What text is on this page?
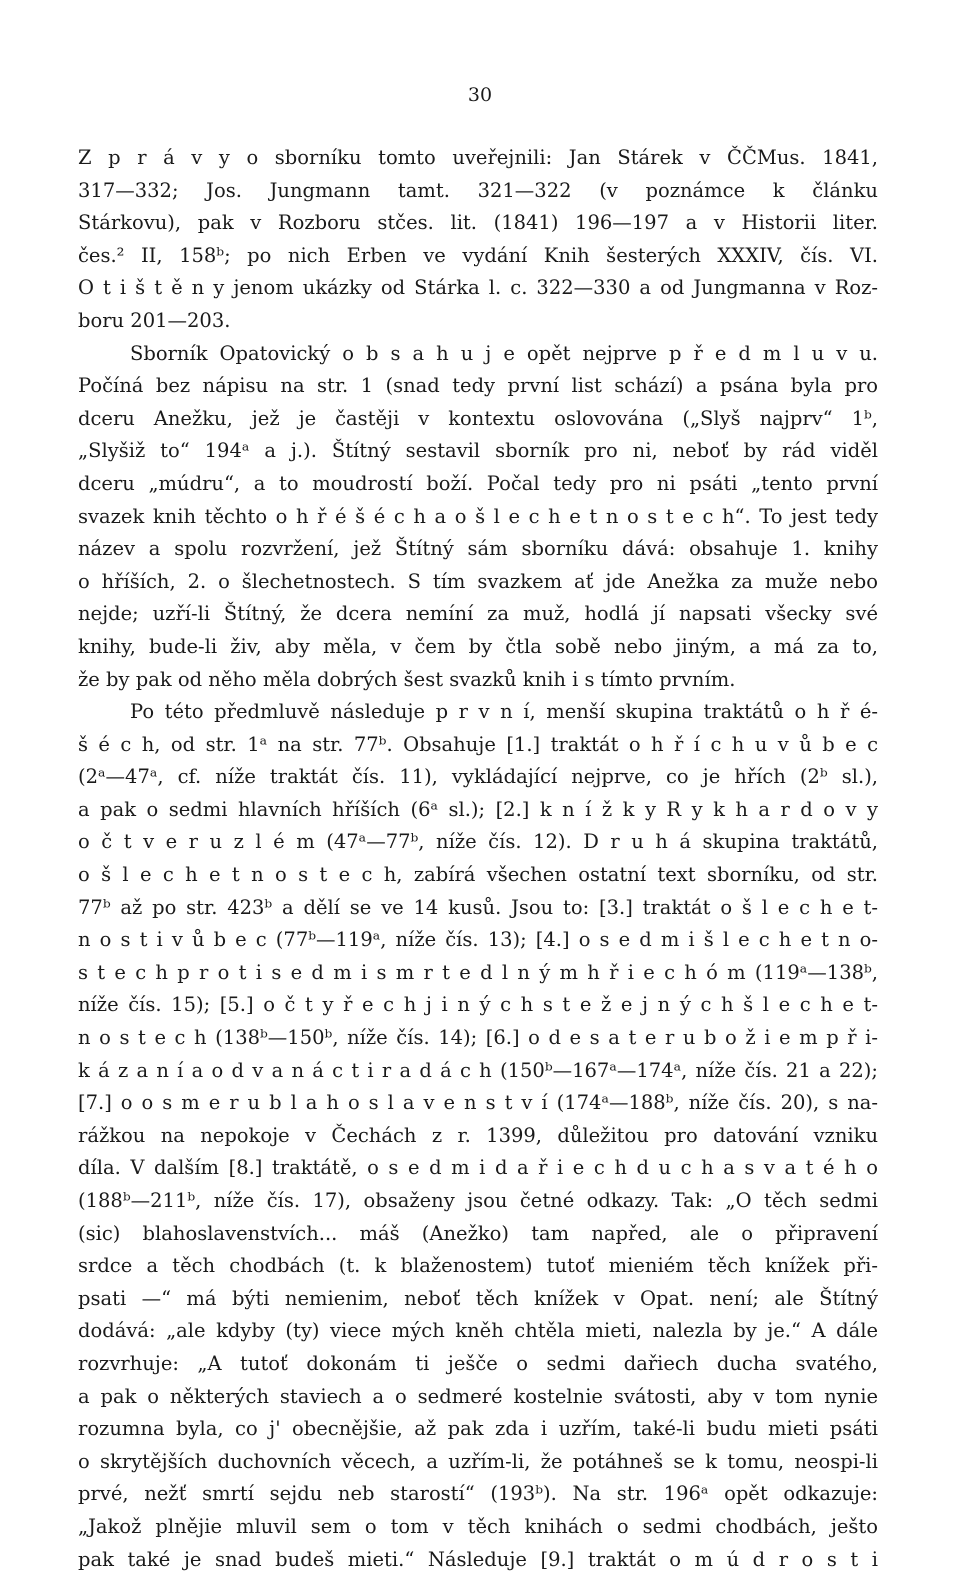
30
Z p r á v y o sborníku tomto uveřejnili: Jan Stárek v ČČMus. 1841,
317—332; Jos. Jungmann tamt. 321—322 (v poznámce k článku
Stárkovu), pak v Rozboru stčes. lit. (1841) 196—197 a v Historii liter.
čes.² II, 158ᵇ; po nich Erben ve vydání Knih šesterých XXXIV, čís. VI.
O t i š t ě n y jenom ukázky od Stárka l. c. 322—330 a od Jungmanna v Roz-
boru 201—203.
Sborník Opatovický o b s a h u j e opět nejprve p ř e d m l u v u.
Počíná bez nápisu na str. 1 (snad tedy první list schází) a psána byla pro
dceru Anežku, jež je častěji v kontextu oslovována („Slyš najprv“ 1ᵇ,
„Slyšiž to“ 194ᵃ a j.). Štítný sestavil sborník pro ni, neboť by rád viděl
dceru „múdru“, a to moudrostí boží. Počal tedy pro ni psáti „tento první
svazek knih těchto o h ř é š é c h a o š l e c h e t n o s t e c h“. To jest tedy
název a spolu rozvržení, jež Štítný sám sborníku dává: obsahuje 1. knihy
o hříších, 2. o šlechetnostech. S tím svazkem ať jde Anežka za muže nebo
nejde; uzří-li Štítný, že dcera nemíní za muž, hodlá jí napsati všecky své
knihy, bude-li živ, aby měla, v čem by čtla sobě nebo jiným, a má za to,
že by pak od něho měla dobrých šest svazků knih i s tímto prvním.
Po této předmluvě následuje p r v n í, menší skupina traktátů o h ř é-
š é c h, od str. 1ᵃ na str. 77ᵇ. Obsahuje [1.] traktát o h ř í c h u v ů b e c
(2ᵃ—47ᵃ, cf. níže traktát čís. 11), vykládající nejprve, co je hřích (2ᵇ sl.),
a pak o sedmi hlavních hříších (6ᵃ sl.); [2.] k n í ž k y R y k h a r d o v y
o č t v e r u z l é m (47ᵃ—77ᵇ, níže čís. 12). D r u h á skupina traktátů,
o š l e c h e t n o s t e c h, zabírá všechen ostatní text sborníku, od str.
77ᵇ až po str. 423ᵇ a dělí se ve 14 kusů. Jsou to: [3.] traktát o š l e c h e t-
n o s t i v ů b e c (77ᵇ—119ᵃ, níže čís. 13); [4.] o s e d m i š l e c h e t n o-
s t e c h p r o t i s e d m i s m r t e d l n ý m h ř i e c h ó m (119ᵃ—138ᵇ,
níže čís. 15); [5.] o č t y ř e c h j i n ý c h s t e ž e j n ý c h š l e c h e t-
n o s t e c h (138ᵇ—150ᵇ, níže čís. 14); [6.] o d e s a t e r u b o ž i e m p ř i-
k á z a n í a o d v a n á c t i r a d á c h (150ᵇ—167ᵃ—174ᵃ, níže čís. 21 a 22);
[7.] o o s m e r u b l a h o s l a v e n s t v í (174ᵃ—188ᵇ, níže čís. 20), s na-
rážkou na nepokoje v Čechách z r. 1399, důležitou pro datování vzniku
díla. V dalším [8.] traktátě, o s e d m i d a ř i e c h d u c h a s v a t é h o
(188ᵇ—211ᵇ, níže čís. 17), obsaženy jsou četné odkazy. Tak: „O těch sedmi
(sic) blahoslavenstvích... máš (Anežko) tam napřed, ale o připravení
srdce a těch chodbách (t. k blaženostem) tutoť mieniém těch knížek při-
psati —“ má býti nemienim, neboť těch knížek v Opat. není; ale Štítný
dodává: „ale kdyby (ty) viece mých kněh chtěla mieti, nalezla by je.“ A dále
rozvrhuje: „A tutoť dokonám ti ješče o sedmi dařiech ducha svatého,
a pak o některých staviech a o sedmeré kostelnie svátosti, aby v tom nynie
rozumna byla, co j' obecnějšie, až pak zda i uzřím, také-li budu mieti psáti
o skrytějších duchovních věcech, a uzřím-li, že potáhneš se k tomu, neospi-li
prvé, nežť smrtí sejdu neb starostí“ (193ᵇ). Na str. 196ᵃ opět odkazuje:
„Jakož plnějie mluvil sem o tom v těch knihách o sedmi chodbách, ješto
pak také je snad budeš mieti.“ Následuje [9.] traktát o m ú d r o s t i
